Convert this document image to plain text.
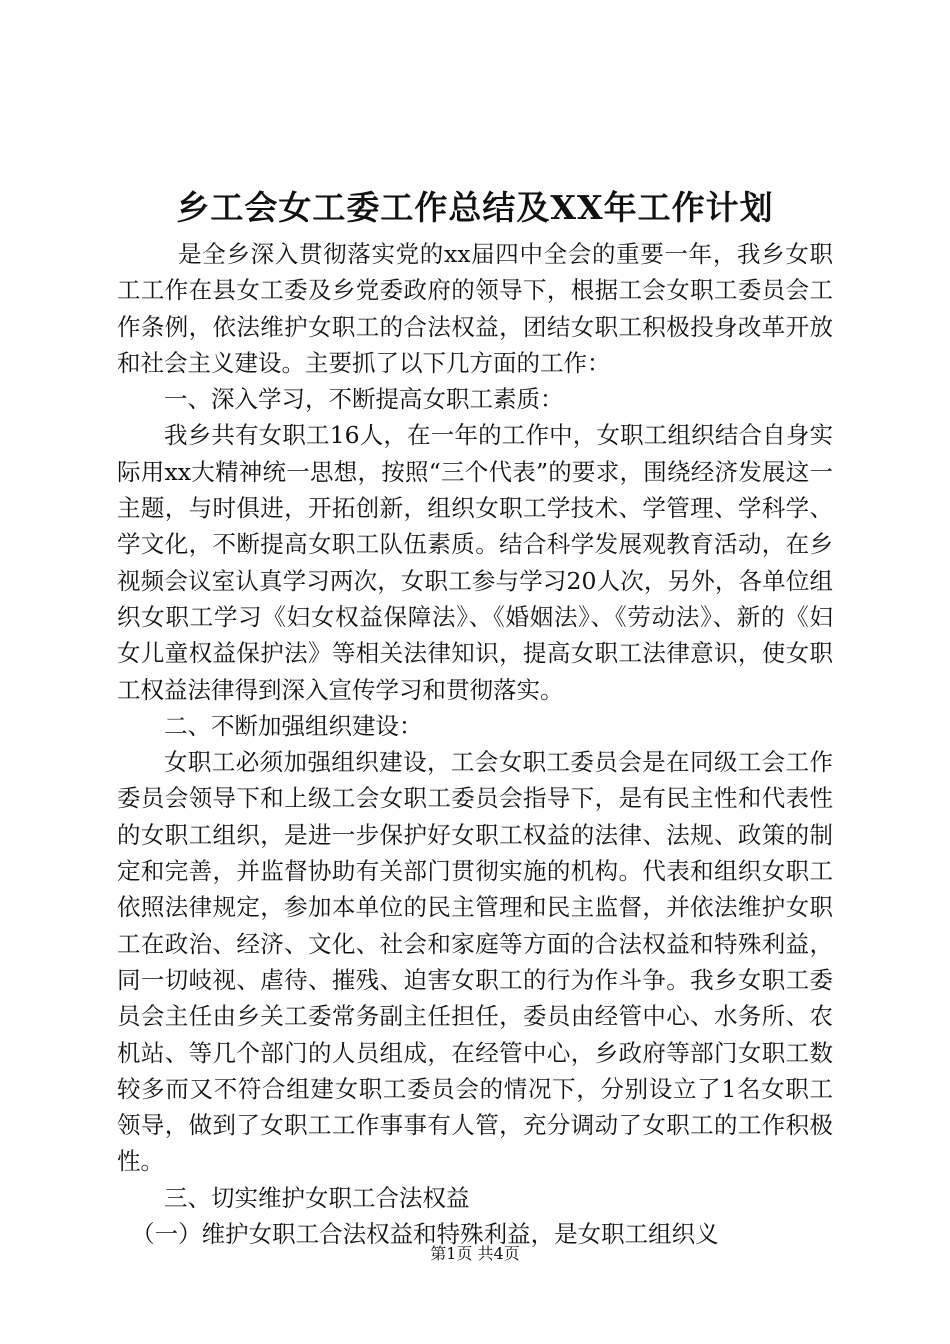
乡工会女工委工作总结及XX年工作计划

是全乡深入贯彻落实党的xx届四中全会的重要一年，我乡女职工工作在县女工委及乡党委政府的领导下，根据工会女职工委员会工作条例，依法维护女职工的合法权益，团结女职工积极投身改革开放和社会主义建设。主要抓了以下几方面的工作：

一、深入学习，不断提高女职工素质：

我乡共有女职工16人，在一年的工作中，女职工组织结合自身实际用xx大精神统一思想，按照“三个代表”的要求，围绕经济发展这一主题，与时俱进，开拓创新，组织女职工学技术、学管理、学科学、学文化，不断提高女职工队伍素质。结合科学发展观教育活动，在乡视频会议室认真学习两次，女职工参与学习20人次，另外，各单位组织女职工学习《妇女权益保障法》、《婚姻法》、《劳动法》、新的《妇女儿童权益保护法》等相关法律知识，提高女职工法律意识，使女职工权益法律得到深入宣传学习和贯彻落实。

二、不断加强组织建设：

女职工必须加强组织建设，工会女职工委员会是在同级工会工作委员会领导下和上级工会女职工委员会指导下，是有民主性和代表性的女职工组织，是进一步保护好女职工权益的法律、法规、政策的制定和完善，并监督协助有关部门贯彻实施的机构。代表和组织女职工依照法律规定，参加本单位的民主管理和民主监督，并依法维护女职工在政治、经济、文化、社会和家庭等方面的合法权益和特殊利益，同一切岐视、虐待、摧残、迫害女职工的行为作斗争。我乡女职工委员会主任由乡关工委常务副主任担任，委员由经管中心、水务所、农机站、等几个部门的人员组成，在经管中心，乡政府等部门女职工数较多而又不符合组建女职工委员会的情况下，分别设立了1名女职工领导，做到了女职工工作事事有人管，充分调动了女职工的工作积极性。

三、切实维护女职工合法权益

（一）维护女职工合法权益和特殊利益，是女职工组织义

第1页 共4页
